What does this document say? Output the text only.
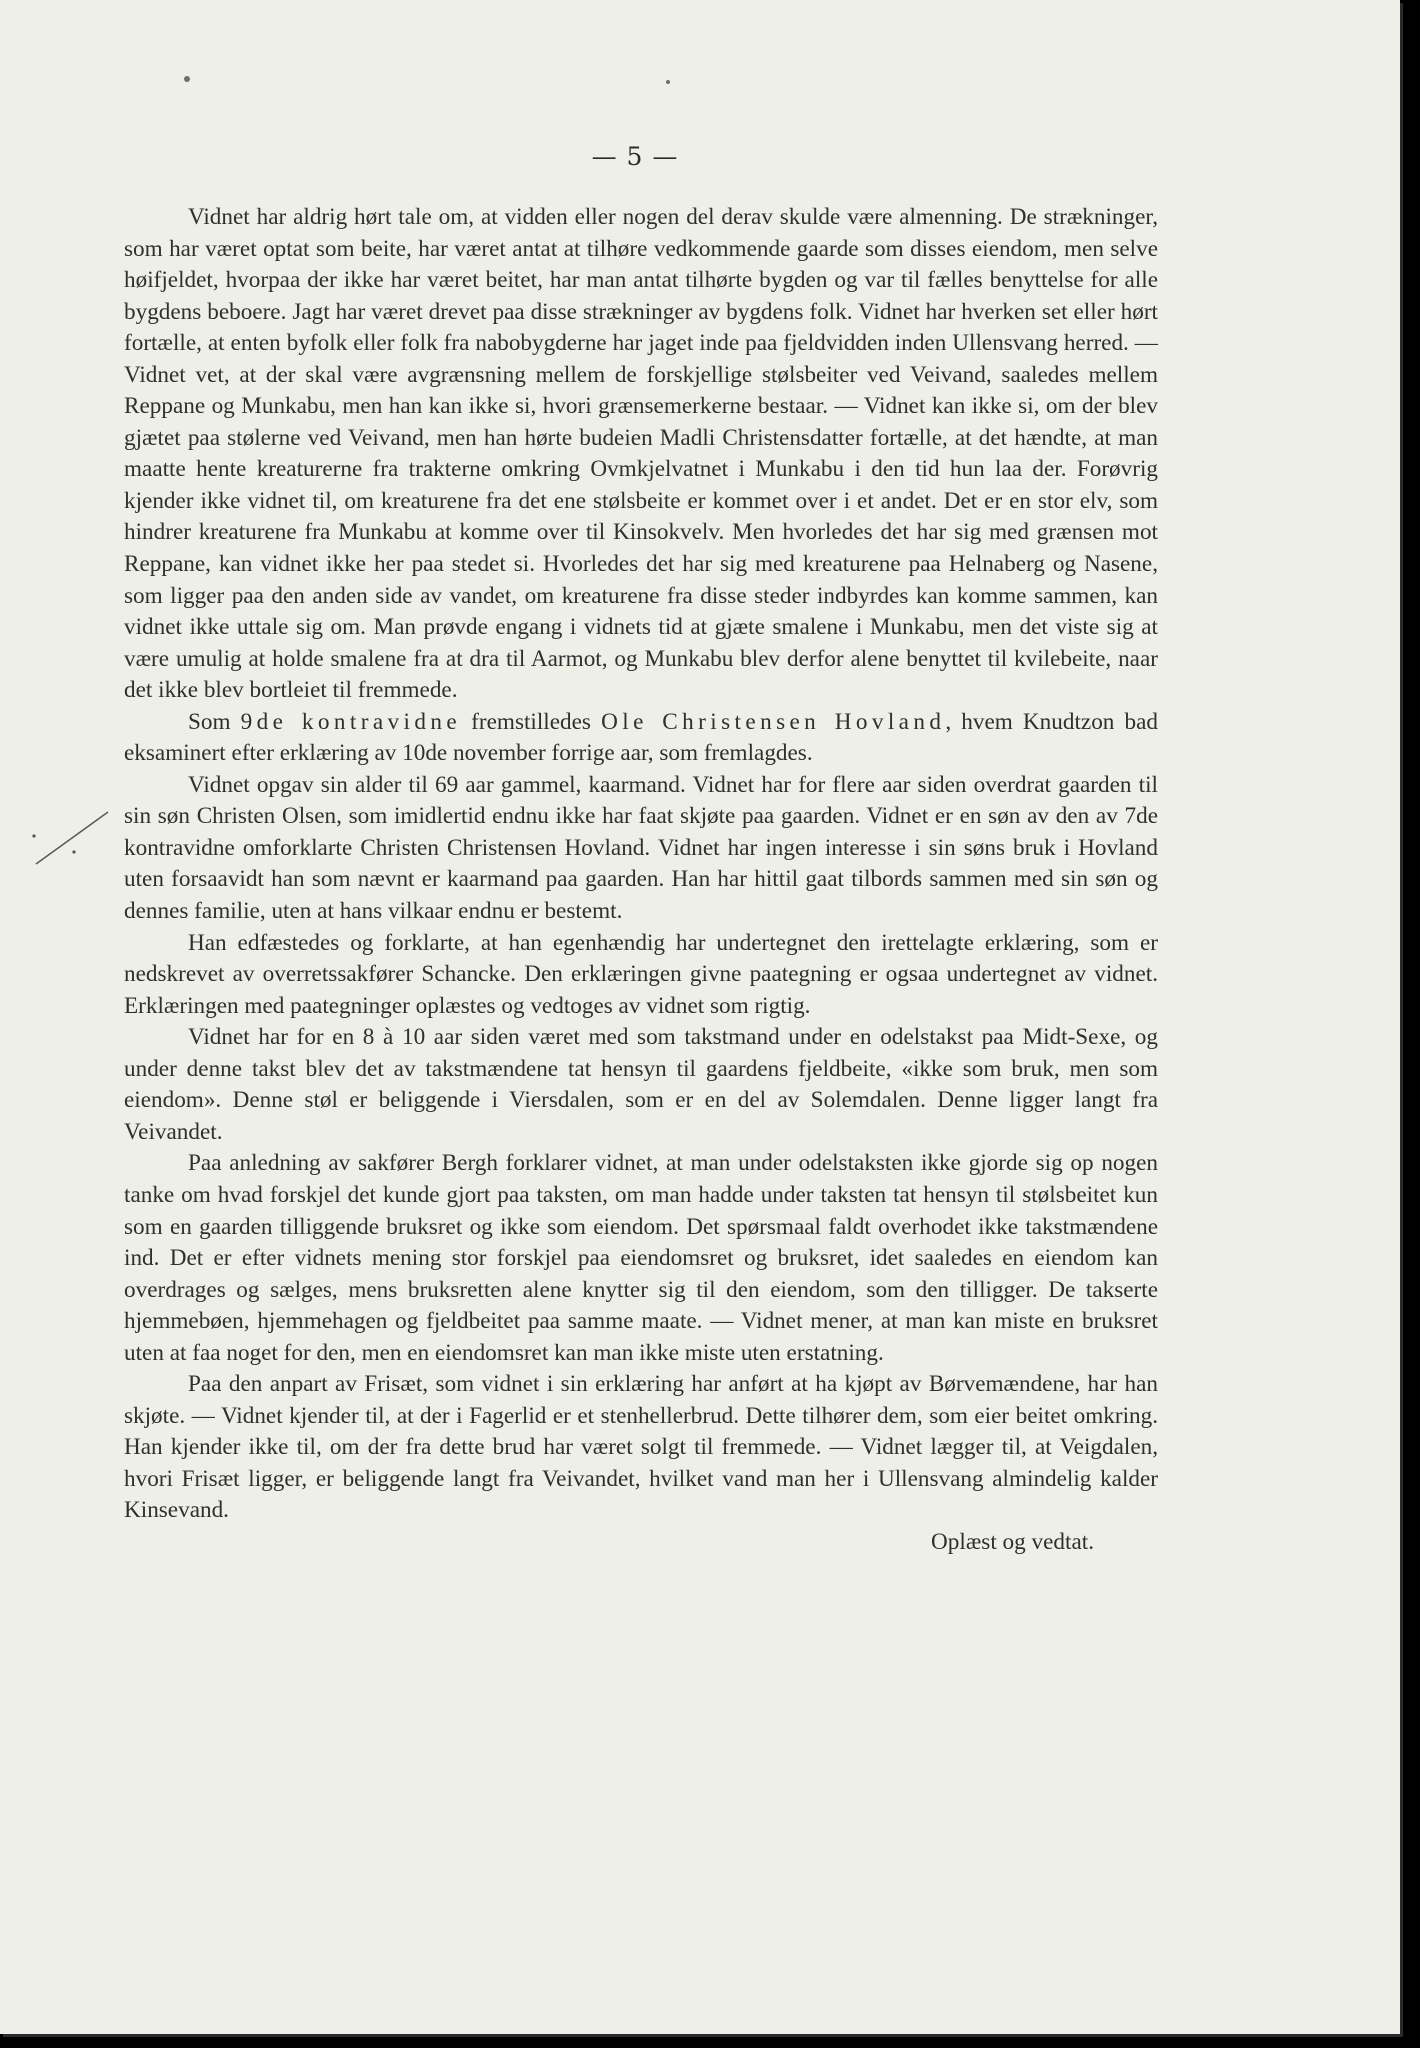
— 5 —

Vidnet har aldrig hørt tale om, at vidden eller nogen del derav skulde være almenning. De strækninger, som har været optat som beite, har været antat at tilhøre vedkommende gaarde som disses eiendom, men selve høifjeldet, hvorpaa der ikke har været beitet, har man antat tilhørte bygden og var til fælles benyttelse for alle bygdens beboere. Jagt har været drevet paa disse strækninger av bygdens folk. Vidnet har hverken set eller hørt fortælle, at enten byfolk eller folk fra nabobygderne har jaget inde paa fjeldvidden inden Ullensvang herred. — Vidnet vet, at der skal være avgrænsning mellem de forskjellige stølsbeiter ved Veivand, saaledes mellem Reppane og Munkabu, men han kan ikke si, hvori grænsemerkerne bestaar. — Vidnet kan ikke si, om der blev gjætet paa stølerne ved Veivand, men han hørte budeien Madli Christensdatter fortælle, at det hændte, at man maatte hente kreaturerne fra trakterne omkring Ovmkjelvatnet i Munkabu i den tid hun laa der. Forøvrig kjender ikke vidnet til, om kreaturene fra det ene stølsbeite er kommet over i et andet. Det er en stor elv, som hindrer kreaturene fra Munkabu at komme over til Kinsokvelv. Men hvorledes det har sig med grænsen mot Reppane, kan vidnet ikke her paa stedet si. Hvorledes det har sig med kreaturene paa Helnaberg og Nasene, som ligger paa den anden side av vandet, om kreaturene fra disse steder indbyrdes kan komme sammen, kan vidnet ikke uttale sig om. Man prøvde engang i vidnets tid at gjæte smalene i Munkabu, men det viste sig at være umulig at holde smalene fra at dra til Aarmot, og Munkabu blev derfor alene benyttet til kvilebeite, naar det ikke blev bortleiet til fremmede.

Som 9de kontravidne fremstilledes Ole Christensen Hovland, hvem Knudtzon bad eksaminert efter erklæring av 10de november forrige aar, som fremlagdes.

Vidnet opgav sin alder til 69 aar gammel, kaarmand. Vidnet har for flere aar siden overdrat gaarden til sin søn Christen Olsen, som imidlertid endnu ikke har faat skjøte paa gaarden. Vidnet er en søn av den av 7de kontravidne omforklarte Christen Christensen Hovland. Vidnet har ingen interesse i sin søns bruk i Hovland uten forsaavidt han som nævnt er kaarmand paa gaarden. Han har hittil gaat tilbords sammen med sin søn og dennes familie, uten at hans vilkaar endnu er bestemt.

Han edfæstedes og forklarte, at han egenhændig har undertegnet den irettelagte erklæring, som er nedskrevet av overretssakfører Schancke. Den erklæringen givne paategning er ogsaa undertegnet av vidnet. Erklæringen med paategninger oplæstes og vedtoges av vidnet som rigtig.

Vidnet har for en 8 à 10 aar siden været med som takstmand under en odelstakst paa Midt-Sexe, og under denne takst blev det av takstmændene tat hensyn til gaardens fjeldbeite, «ikke som bruk, men som eiendom». Denne støl er beliggende i Viersdalen, som er en del av Solemdalen. Denne ligger langt fra Veivandet.

Paa anledning av sakfører Bergh forklarer vidnet, at man under odelstaksten ikke gjorde sig op nogen tanke om hvad forskjel det kunde gjort paa taksten, om man hadde under taksten tat hensyn til stølsbeitet kun som en gaarden tilliggende bruksret og ikke som eiendom. Det spørsmaal faldt overhodet ikke takstmændene ind. Det er efter vidnets mening stor forskjel paa eiendomsret og bruksret, idet saaledes en eiendom kan overdrages og sælges, mens bruksretten alene knytter sig til den eiendom, som den tilligger. De takserte hjemmebøen, hjemmehagen og fjeldbeitet paa samme maate. — Vidnet mener, at man kan miste en bruksret uten at faa noget for den, men en eiendomsret kan man ikke miste uten erstatning.

Paa den anpart av Frisæt, som vidnet i sin erklæring har anført at ha kjøpt av Børvemændene, har han skjøte. — Vidnet kjender til, at der i Fagerlid er et stenhellerbrud. Dette tilhører dem, som eier beitet omkring. Han kjender ikke til, om der fra dette brud har været solgt til fremmede. — Vidnet lægger til, at Veigdalen, hvori Frisæt ligger, er beliggende langt fra Veivandet, hvilket vand man her i Ullensvang almindelig kalder Kinsevand.

Oplæst og vedtat.
